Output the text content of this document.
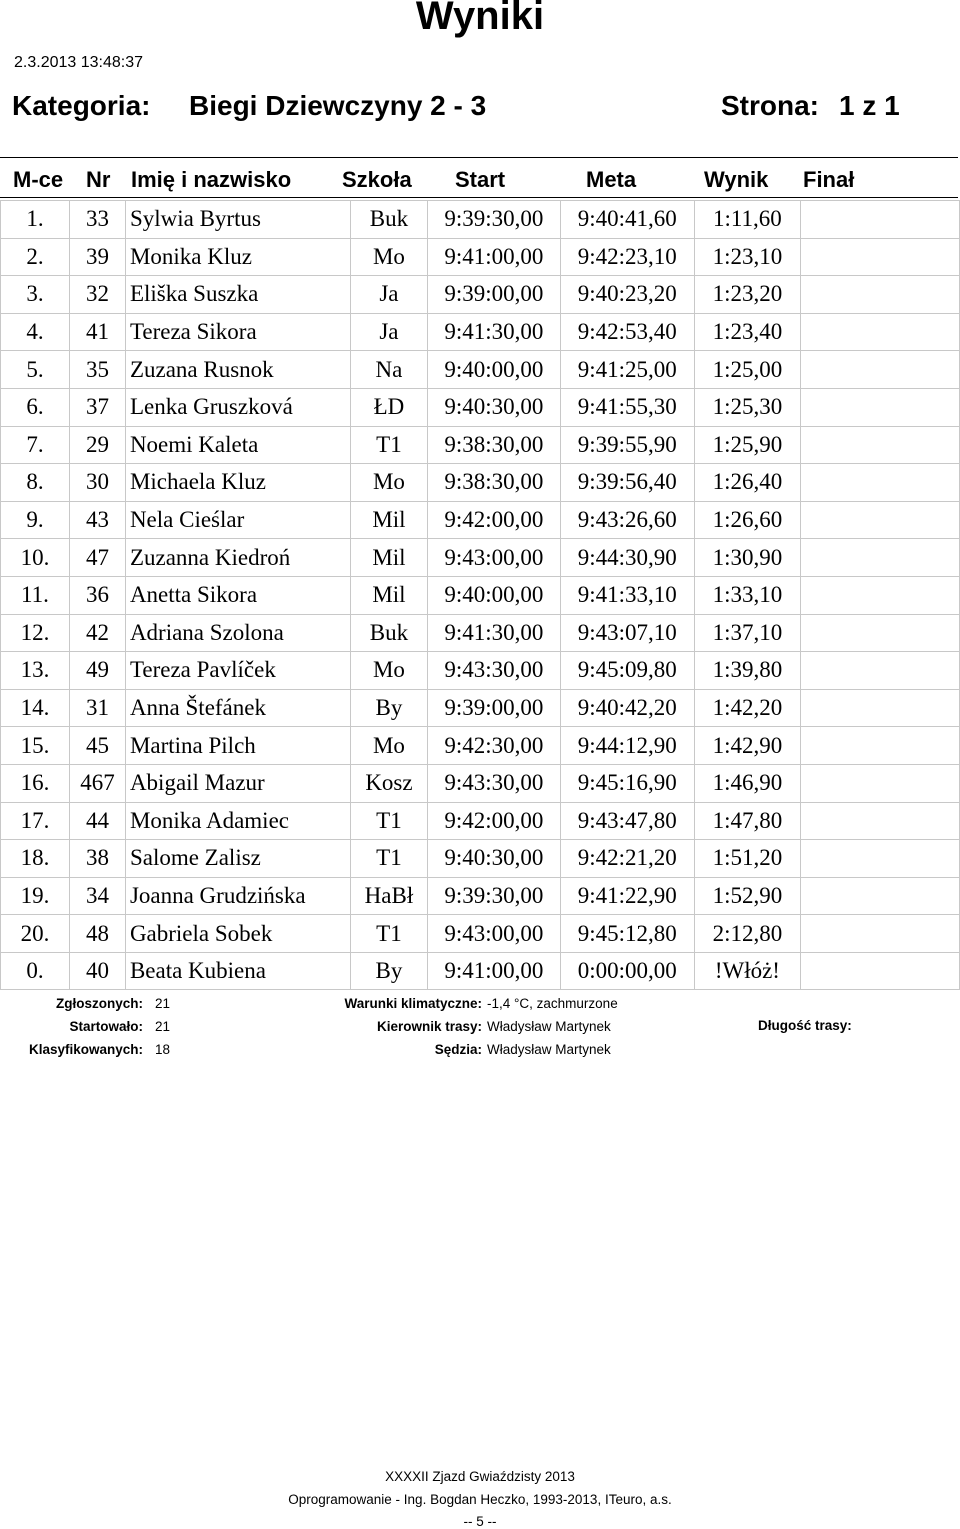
Wyniki
2.3.2013 13:48:37
Kategoria: Biegi Dziewczyny 2 - 3	Strona: 1 z 1
M-ce Nr Imię i nazwisko Szkoła Start	Meta	Wynik Finał
1.	33	Sylwia Byrtus	Buk	9:39:30,00	9:40:41,60	1:11,60	
2.	39	Monika Kluz	Mo	9:41:00,00	9:42:23,10	1:23,10	
3.	32	Eliška Suszka	Ja	9:39:00,00	9:40:23,20	1:23,20	
4.	41	Tereza Sikora	Ja	9:41:30,00	9:42:53,40	1:23,40	
5.	35	Zuzana Rusnok	Na	9:40:00,00	9:41:25,00	1:25,00	
6.	37	Lenka Gruszková	ŁD	9:40:30,00	9:41:55,30	1:25,30	
7.	29	Noemi Kaleta	T1	9:38:30,00	9:39:55,90	1:25,90	
8.	30	Michaela Kluz	Mo	9:38:30,00	9:39:56,40	1:26,40	
9.	43	Nela Cieślar	Mil	9:42:00,00	9:43:26,60	1:26,60	
10.	47	Zuzanna Kiedroń	Mil	9:43:00,00	9:44:30,90	1:30,90	
11.	36	Anetta Sikora	Mil	9:40:00,00	9:41:33,10	1:33,10	
12.	42	Adriana Szolona	Buk	9:41:30,00	9:43:07,10	1:37,10	
13.	49	Tereza Pavlíček	Mo	9:43:30,00	9:45:09,80	1:39,80	
14.	31	Anna Štefánek	By	9:39:00,00	9:40:42,20	1:42,20	
15.	45	Martina Pilch	Mo	9:42:30,00	9:44:12,90	1:42,90	
16.	467	Abigail Mazur	Kosz	9:43:30,00	9:45:16,90	1:46,90	
17.	44	Monika Adamiec	T1	9:42:00,00	9:43:47,80	1:47,80	
18.	38	Salome Zalisz	T1	9:40:30,00	9:42:21,20	1:51,20	
19.	34	Joanna Grudzińska	HaBł	9:39:30,00	9:41:22,90	1:52,90	
20.	48	Gabriela Sobek	T1	9:43:00,00	9:45:12,80	2:12,80	
0.	40	Beata Kubiena	By	9:41:00,00	0:00:00,00	!Włóż!	
Zgłoszonych: 21
Startowało: 21
Klasyfikowanych: 18
Warunki klimatyczne: -1,4 °C, zachmurzone
Kierownik trasy: Władysław Martynek
Sędzia: Władysław Martynek
Długość trasy:
XXXXII Zjazd Gwiaździsty 2013
Oprogramowanie - Ing. Bogdan Heczko, 1993-2013, ITeuro, a.s.
-- 5 --
